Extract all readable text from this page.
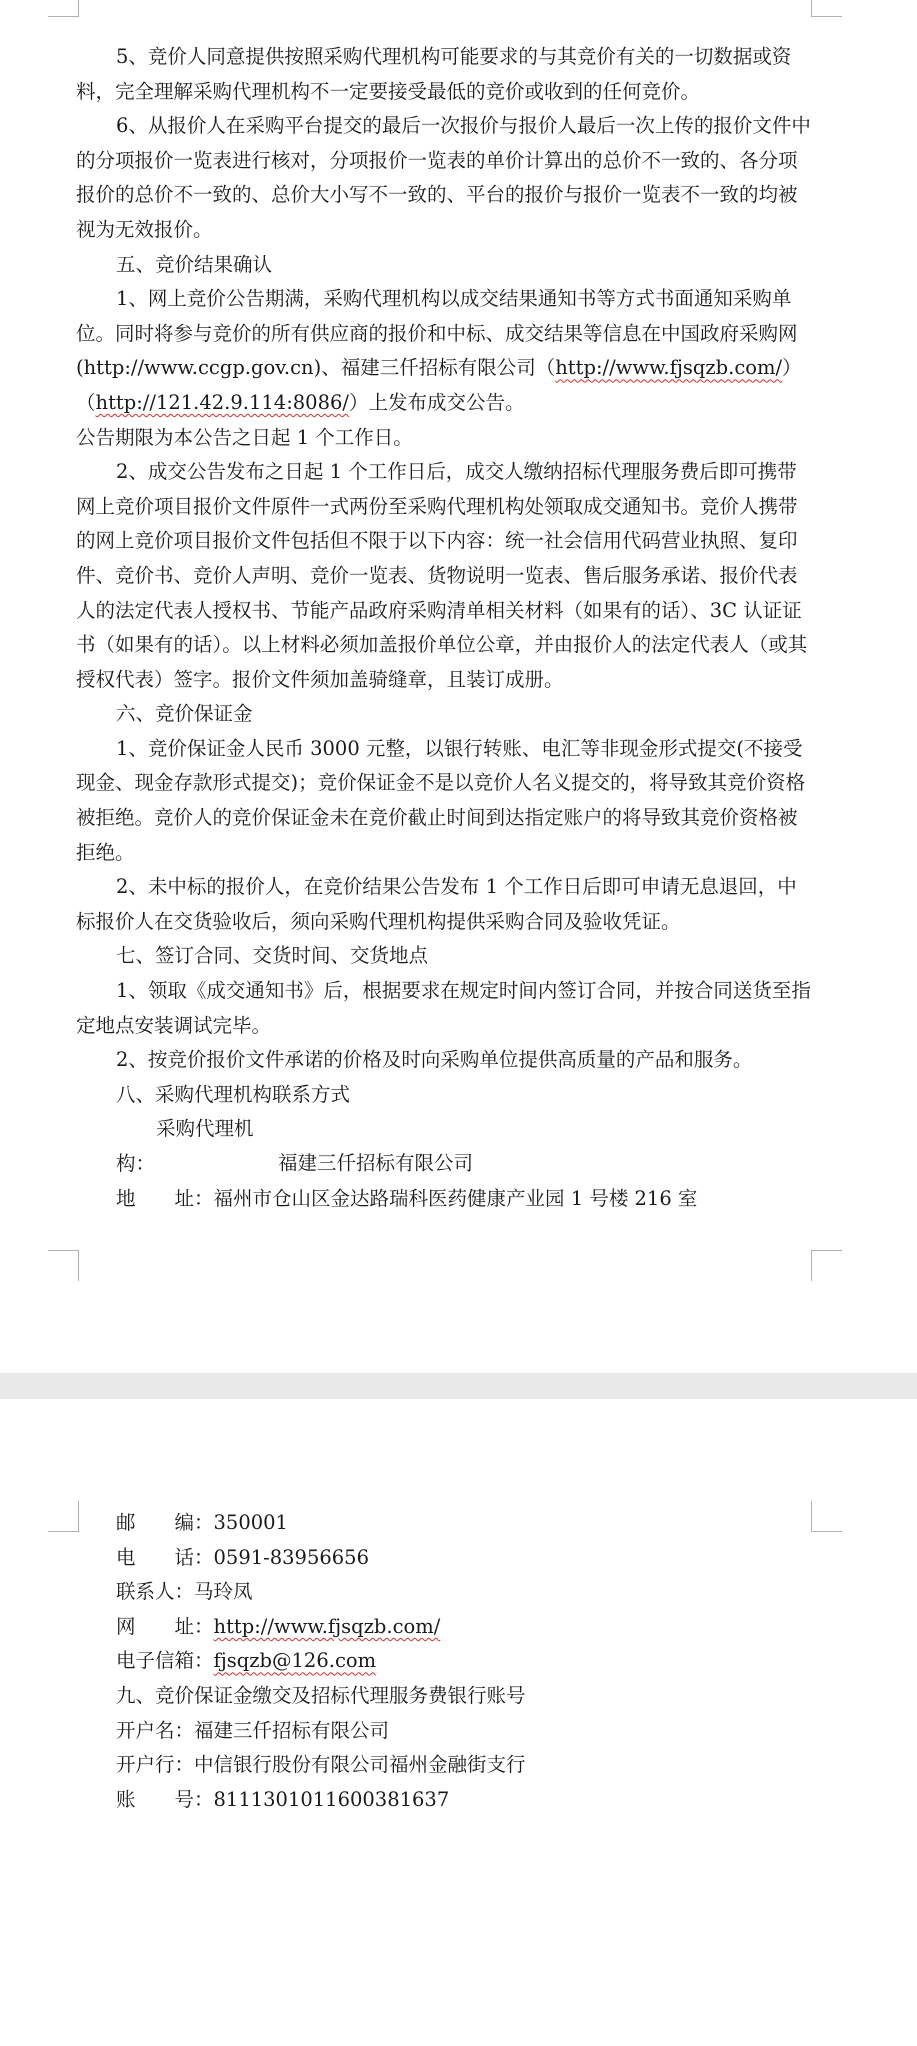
5、竞价人同意提供按照采购代理机构可能要求的与其竞价有关的一切数据或资料，完全理解采购代理机构不一定要接受最低的竞价或收到的任何竞价。

6、从报价人在采购平台提交的最后一次报价与报价人最后一次上传的报价文件中的分项报价一览表进行核对，分项报价一览表的单价计算出的总价不一致的、各分项报价的总价不一致的、总价大小写不一致的、平台的报价与报价一览表不一致的均被视为无效报价。

五、竞价结果确认

1、网上竞价公告期满，采购代理机构以成交结果通知书等方式书面通知采购单位。同时将参与竞价的所有供应商的报价和中标、成交结果等信息在中国政府采购网(http://www.ccgp.gov.cn)、福建三仟招标有限公司（http://www.fjsqzb.com/）（http://121.42.9.114:8086/）上发布成交公告。

公告期限为本公告之日起 1 个工作日。

2、成交公告发布之日起 1 个工作日后，成交人缴纳招标代理服务费后即可携带网上竞价项目报价文件原件一式两份至采购代理机构处领取成交通知书。竞价人携带的网上竞价项目报价文件包括但不限于以下内容：统一社会信用代码营业执照、复印件、竞价书、竞价人声明、竞价一览表、货物说明一览表、售后服务承诺、报价代表人的法定代表人授权书、节能产品政府采购清单相关材料（如果有的话）、3C 认证证书（如果有的话）。以上材料必须加盖报价单位公章，并由报价人的法定代表人（或其授权代表）签字。报价文件须加盖骑缝章，且装订成册。

六、竞价保证金

1、竞价保证金人民币 3000 元整，以银行转账、电汇等非现金形式提交(不接受现金、现金存款形式提交)；竞价保证金不是以竞价人名义提交的，将导致其竞价资格被拒绝。竞价人的竞价保证金未在竞价截止时间到达指定账户的将导致其竞价资格被拒绝。

2、未中标的报价人，在竞价结果公告发布 1 个工作日后即可申请无息退回，中标报价人在交货验收后，须向采购代理机构提供采购合同及验收凭证。

七、签订合同、交货时间、交货地点

1、领取《成交通知书》后，根据要求在规定时间内签订合同，并按合同送货至指定地点安装调试完毕。

2、按竞价报价文件承诺的价格及时向采购单位提供高质量的产品和服务。

八、采购代理机构联系方式

采购代理机构：	福建三仟招标有限公司

地　　址：福州市仓山区金达路瑞科医药健康产业园 1 号楼 216 室

邮　　编：350001

电　　话：0591-83956656

联系人：马玲凤

网　　址：http://www.fjsqzb.com/

电子信箱：fjsqzb@126.com

九、竞价保证金缴交及招标代理服务费银行账号

开户名：福建三仟招标有限公司

开户行：中信银行股份有限公司福州金融街支行

账　　号：8111301011600381637
